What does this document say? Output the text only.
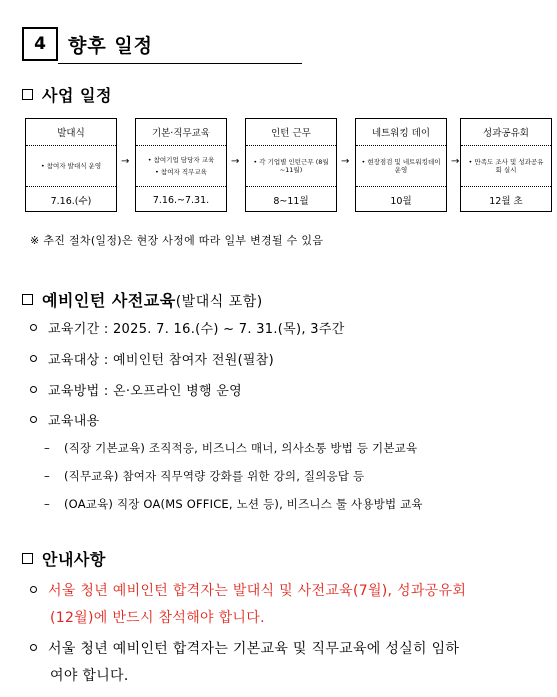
4 향후 일정
사업 일정
발대식
• 참여자 발대식 운영
7.16.(수)
→
기본·직무교육
• 참여기업 담당자 교육
• 참여자 직무교육
7.16.~7.31.
→
인턴 근무
• 각 기업별 인턴근무 (8월~11월)
8~11월
→
네트워킹 데이
• 현장점검 및 네트워킹데이 운영
10월
→
성과공유회
• 만족도 조사 및 성과공유회 실시
12월 초
※ 추진 절차(일정)은 현장 사정에 따라 일부 변경될 수 있음
예비인턴 사전교육(발대식 포함)
교육기간 : 2025. 7. 16.(수) ~ 7. 31.(목), 3주간
교육대상 : 예비인턴 참여자 전원(필참)
교육방법 : 온·오프라인 병행 운영
교육내용
– (직장 기본교육) 조직적응, 비즈니스 매너, 의사소통 방법 등 기본교육
– (직무교육) 참여자 직무역량 강화를 위한 강의, 질의응답 등
– (OA교육) 직장 OA(MS OFFICE, 노션 등), 비즈니스 툴 사용방법 교육
안내사항
서울 청년 예비인턴 합격자는 발대식 및 사전교육(7월), 성과공유회
(12월)에 반드시 참석해야 합니다.
서울 청년 예비인턴 합격자는 기본교육 및 직무교육에 성실히 임하
여야 합니다.
